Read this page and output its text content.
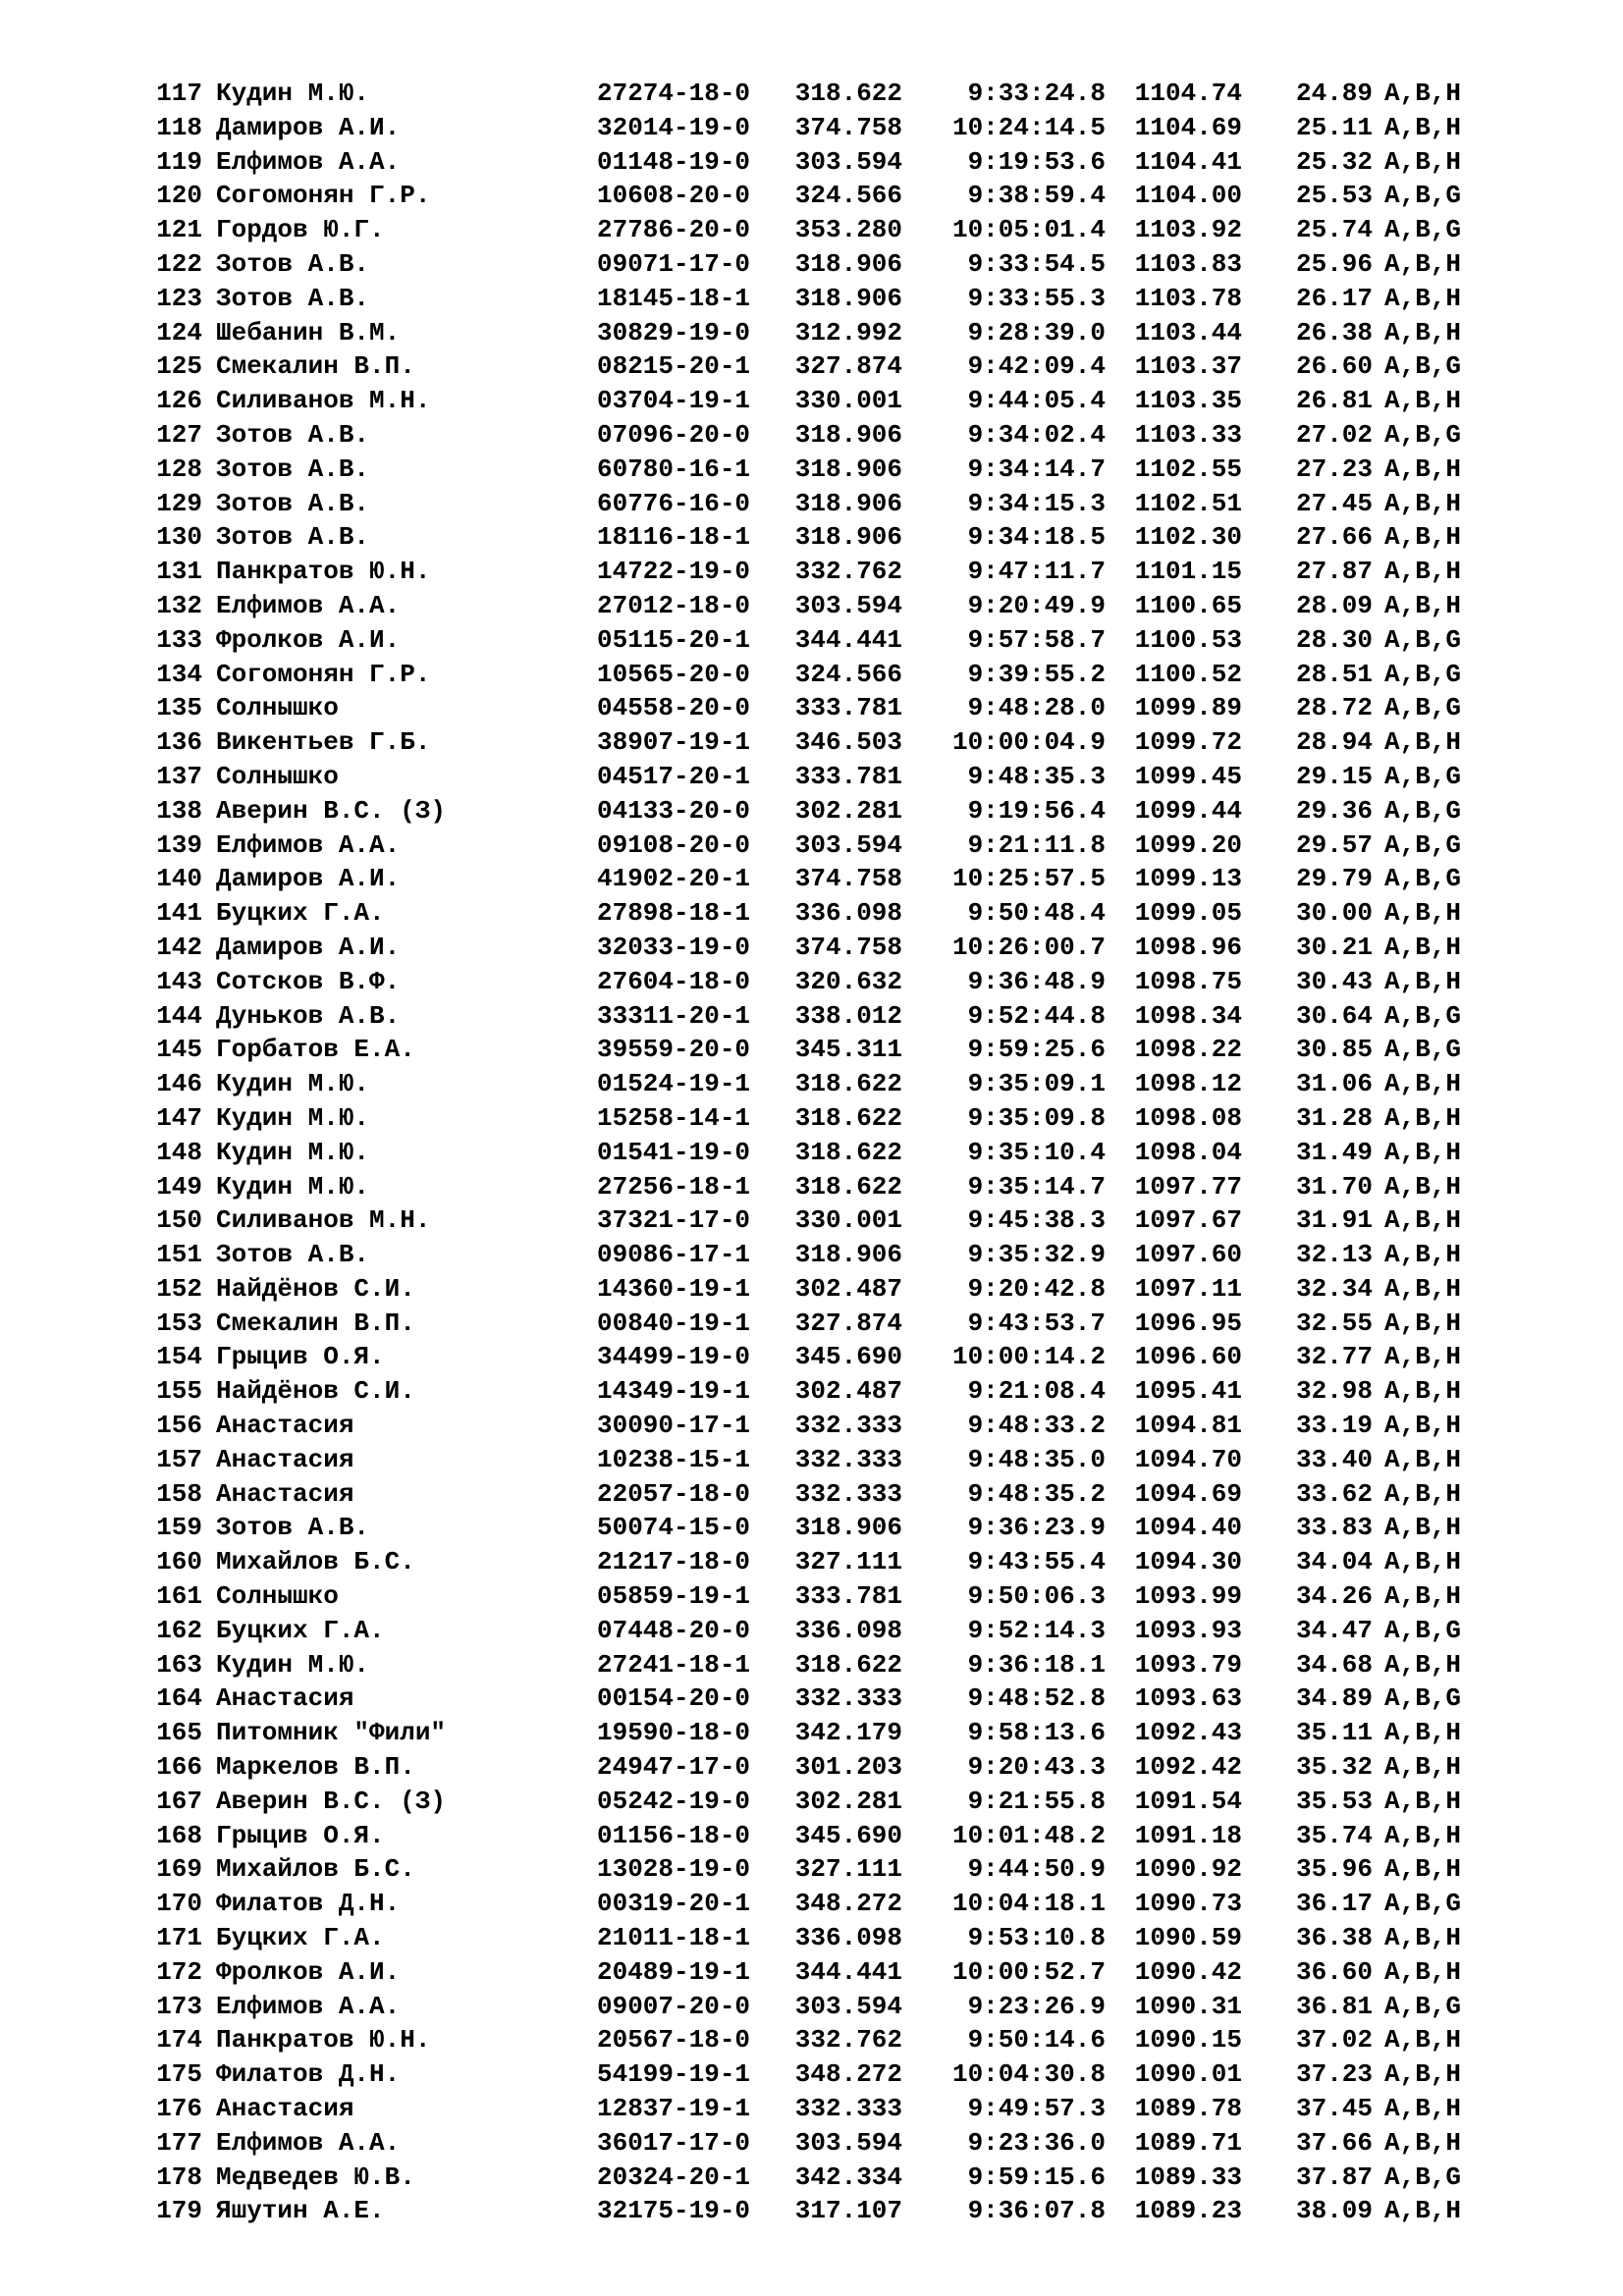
117 Кудин М.Ю.	27274-18-0	318.622	9:33:24.8	1104.74	24.89 A,B,H
118 Дамиров А.И.	32014-19-0	374.758	10:24:14.5	1104.69	25.11 A,B,H
119 Елфимов А.А.	01148-19-0	303.594	9:19:53.6	1104.41	25.32 A,B,H
120 Согомонян Г.Р.	10608-20-0	324.566	9:38:59.4	1104.00	25.53 A,B,G
121 Гордов Ю.Г.	27786-20-0	353.280	10:05:01.4	1103.92	25.74 A,B,G
122 Зотов А.В.	09071-17-0	318.906	9:33:54.5	1103.83	25.96 A,B,H
123 Зотов А.В.	18145-18-1	318.906	9:33:55.3	1103.78	26.17 A,B,H
124 Шебанин В.М.	30829-19-0	312.992	9:28:39.0	1103.44	26.38 A,B,H
125 Смекалин В.П.	08215-20-1	327.874	9:42:09.4	1103.37	26.60 A,B,G
126 Силиванов М.Н.	03704-19-1	330.001	9:44:05.4	1103.35	26.81 A,B,H
127 Зотов А.В.	07096-20-0	318.906	9:34:02.4	1103.33	27.02 A,B,G
128 Зотов А.В.	60780-16-1	318.906	9:34:14.7	1102.55	27.23 A,B,H
129 Зотов А.В.	60776-16-0	318.906	9:34:15.3	1102.51	27.45 A,B,H
130 Зотов А.В.	18116-18-1	318.906	9:34:18.5	1102.30	27.66 A,B,H
131 Панкратов Ю.Н.	14722-19-0	332.762	9:47:11.7	1101.15	27.87 A,B,H
132 Елфимов А.А.	27012-18-0	303.594	9:20:49.9	1100.65	28.09 A,B,H
133 Фролков А.И.	05115-20-1	344.441	9:57:58.7	1100.53	28.30 A,B,G
134 Согомонян Г.Р.	10565-20-0	324.566	9:39:55.2	1100.52	28.51 A,B,G
135 Солнышко	04558-20-0	333.781	9:48:28.0	1099.89	28.72 A,B,G
136 Викентьев Г.Б.	38907-19-1	346.503	10:00:04.9	1099.72	28.94 A,B,H
137 Солнышко	04517-20-1	333.781	9:48:35.3	1099.45	29.15 A,B,G
138 Аверин В.С. (З)	04133-20-0	302.281	9:19:56.4	1099.44	29.36 A,B,G
139 Елфимов А.А.	09108-20-0	303.594	9:21:11.8	1099.20	29.57 A,B,G
140 Дамиров А.И.	41902-20-1	374.758	10:25:57.5	1099.13	29.79 A,B,G
141 Буцких Г.А.	27898-18-1	336.098	9:50:48.4	1099.05	30.00 A,B,H
142 Дамиров А.И.	32033-19-0	374.758	10:26:00.7	1098.96	30.21 A,B,H
143 Сотсков В.Ф.	27604-18-0	320.632	9:36:48.9	1098.75	30.43 A,B,H
144 Дуньков А.В.	33311-20-1	338.012	9:52:44.8	1098.34	30.64 A,B,G
145 Горбатов Е.А.	39559-20-0	345.311	9:59:25.6	1098.22	30.85 A,B,G
146 Кудин М.Ю.	01524-19-1	318.622	9:35:09.1	1098.12	31.06 A,B,H
147 Кудин М.Ю.	15258-14-1	318.622	9:35:09.8	1098.08	31.28 A,B,H
148 Кудин М.Ю.	01541-19-0	318.622	9:35:10.4	1098.04	31.49 A,B,H
149 Кудин М.Ю.	27256-18-1	318.622	9:35:14.7	1097.77	31.70 A,B,H
150 Силиванов М.Н.	37321-17-0	330.001	9:45:38.3	1097.67	31.91 A,B,H
151 Зотов А.В.	09086-17-1	318.906	9:35:32.9	1097.60	32.13 A,B,H
152 Найдёнов С.И.	14360-19-1	302.487	9:20:42.8	1097.11	32.34 A,B,H
153 Смекалин В.П.	00840-19-1	327.874	9:43:53.7	1096.95	32.55 A,B,H
154 Грыцив О.Я.	34499-19-0	345.690	10:00:14.2	1096.60	32.77 A,B,H
155 Найдёнов С.И.	14349-19-1	302.487	9:21:08.4	1095.41	32.98 A,B,H
156 Анастасия	30090-17-1	332.333	9:48:33.2	1094.81	33.19 A,B,H
157 Анастасия	10238-15-1	332.333	9:48:35.0	1094.70	33.40 A,B,H
158 Анастасия	22057-18-0	332.333	9:48:35.2	1094.69	33.62 A,B,H
159 Зотов А.В.	50074-15-0	318.906	9:36:23.9	1094.40	33.83 A,B,H
160 Михайлов Б.С.	21217-18-0	327.111	9:43:55.4	1094.30	34.04 A,B,H
161 Солнышко	05859-19-1	333.781	9:50:06.3	1093.99	34.26 A,B,H
162 Буцких Г.А.	07448-20-0	336.098	9:52:14.3	1093.93	34.47 A,B,G
163 Кудин М.Ю.	27241-18-1	318.622	9:36:18.1	1093.79	34.68 A,B,H
164 Анастасия	00154-20-0	332.333	9:48:52.8	1093.63	34.89 A,B,G
165 Питомник "Фили"	19590-18-0	342.179	9:58:13.6	1092.43	35.11 A,B,H
166 Маркелов В.П.	24947-17-0	301.203	9:20:43.3	1092.42	35.32 A,B,H
167 Аверин В.С. (З)	05242-19-0	302.281	9:21:55.8	1091.54	35.53 A,B,H
168 Грыцив О.Я.	01156-18-0	345.690	10:01:48.2	1091.18	35.74 A,B,H
169 Михайлов Б.С.	13028-19-0	327.111	9:44:50.9	1090.92	35.96 A,B,H
170 Филатов Д.Н.	00319-20-1	348.272	10:04:18.1	1090.73	36.17 A,B,G
171 Буцких Г.А.	21011-18-1	336.098	9:53:10.8	1090.59	36.38 A,B,H
172 Фролков А.И.	20489-19-1	344.441	10:00:52.7	1090.42	36.60 A,B,H
173 Елфимов А.А.	09007-20-0	303.594	9:23:26.9	1090.31	36.81 A,B,G
174 Панкратов Ю.Н.	20567-18-0	332.762	9:50:14.6	1090.15	37.02 A,B,H
175 Филатов Д.Н.	54199-19-1	348.272	10:04:30.8	1090.01	37.23 A,B,H
176 Анастасия	12837-19-1	332.333	9:49:57.3	1089.78	37.45 A,B,H
177 Елфимов А.А.	36017-17-0	303.594	9:23:36.0	1089.71	37.66 A,B,H
178 Медведев Ю.В.	20324-20-1	342.334	9:59:15.6	1089.33	37.87 A,B,G
179 Яшутин А.Е.	32175-19-0	317.107	9:36:07.8	1089.23	38.09 A,B,H
